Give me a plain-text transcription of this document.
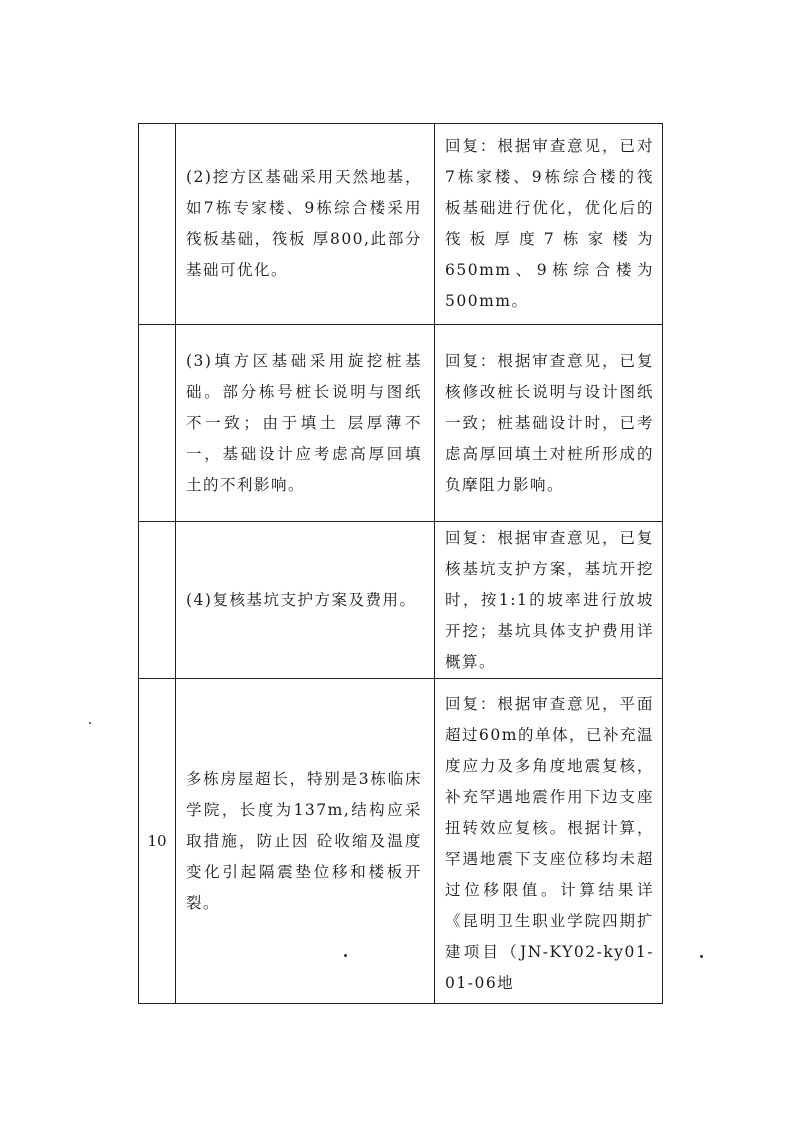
	(2)挖方区基础采用天然地基，如7栋专家楼、9栋综合楼采用筏板基础，筏板 厚800,此部分基础可优化。	回复：根据审查意见，已对7栋家楼、9栋综合楼的筏板基础进行优化，优化后的筏板厚度7栋家楼为650mm、9栋综合楼为500mm。
	(3)填方区基础采用旋挖桩基础。部分栋号桩长说明与图纸不一致；由于填土 层厚薄不一，基础设计应考虑高厚回填土的不利影响。	回复：根据审查意见，已复核修改桩长说明与设计图纸一致；桩基础设计时，已考虑高厚回填土对桩所形成的负摩阻力影响。
	(4)复核基坑支护方案及费用。	回复：根据审查意见，已复核基坑支护方案，基坑开挖时，按1:1的坡率进行放坡开挖；基坑具体支护费用详概算。
10	多栋房屋超长，特别是3栋临床学院，长度为137m,结构应采取措施，防止因 砼收缩及温度变化引起隔震垫位移和楼板开裂。	回复：根据审查意见，平面超过60m的单体，已补充温度应力及多角度地震复核，补充罕遇地震作用下边支座扭转效应复核。根据计算，罕遇地震下支座位移均未超过位移限值。计算结果详《昆明卫生职业学院四期扩建项目（JN-KY02-ky01-01-06地
